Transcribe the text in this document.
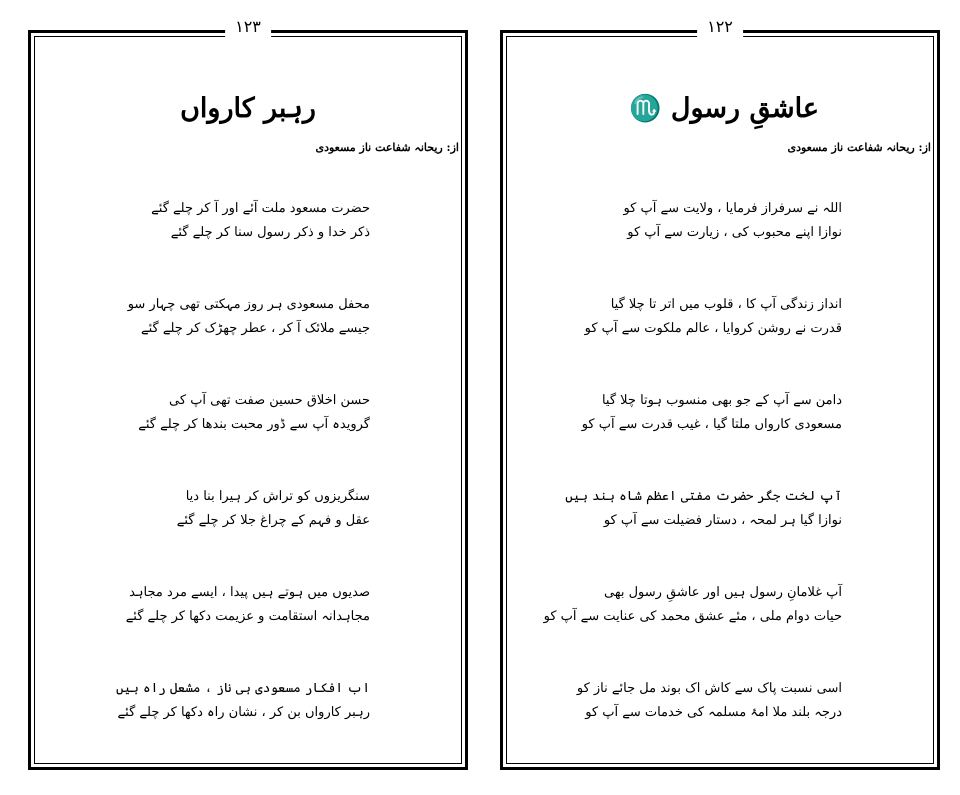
۱۲۳
رہبر کارواں
از: ریحانہ شفاعت ناز مسعودی
حضرت مسعود ملت آئے اور آ کر چلے گئے
ذکر خدا و ذکر رسول سنا کر چلے گئے
محفل مسعودی ہر روز مہکتی تھی چہار سو
جیسے ملائک آ کر ، عطر چھڑک کر چلے گئے
حسن اخلاق حسین صفت تھی آپ کی
گرویدہ آپ سے ڈور محبت بندھا کر چلے گئے
سنگریزوں کو تراش کر ہیرا بنا دیا
عقل و فہم کے چراغ جلا کر چلے گئے
صدیوں میں ہوتے ہیں پیدا ، ایسے مرد مجاہد
مجاہدانہ استقامت و عزیمت دکھا کر چلے گئے
اب افکار مسعودی ہی ناز ، مشعل راہ ہیں
رہبر کارواں بن کر ، نشان راہ دکھا کر چلے گئے
۱۲۲
عاشقِ رسول ♏
از: ریحانہ شفاعت ناز مسعودی
اللہ نے سرفراز فرمایا ، ولایت سے آپ کو
نوازا اپنے محبوب کی ، زیارت سے آپ کو
انداز زندگی آپ کا ، قلوب میں اتر تا چلا گیا
قدرت نے روشن کروایا ، عالم ملکوت سے آپ کو
دامن سے آپ کے جو بھی منسوب ہوتا چلا گیا
مسعودی کارواں ملتا گیا ، غیب قدرت سے آپ کو
آپ لخت جگر حضرت مفتی اعظم شاہ ہند ہیں
نوازا گیا ہر لمحہ ، دستار فضیلت سے آپ کو
آپ غلامانِ رسول ہیں اور عاشقِ رسول بھی
حیات دوام ملی ، مئے عشق محمد کی عنایت سے آپ کو
اسی نسبت پاک سے کاش اک بوند مل جائے ناز کو
درجہ بلند ملا امۂ مسلمہ کی خدمات سے آپ کو
